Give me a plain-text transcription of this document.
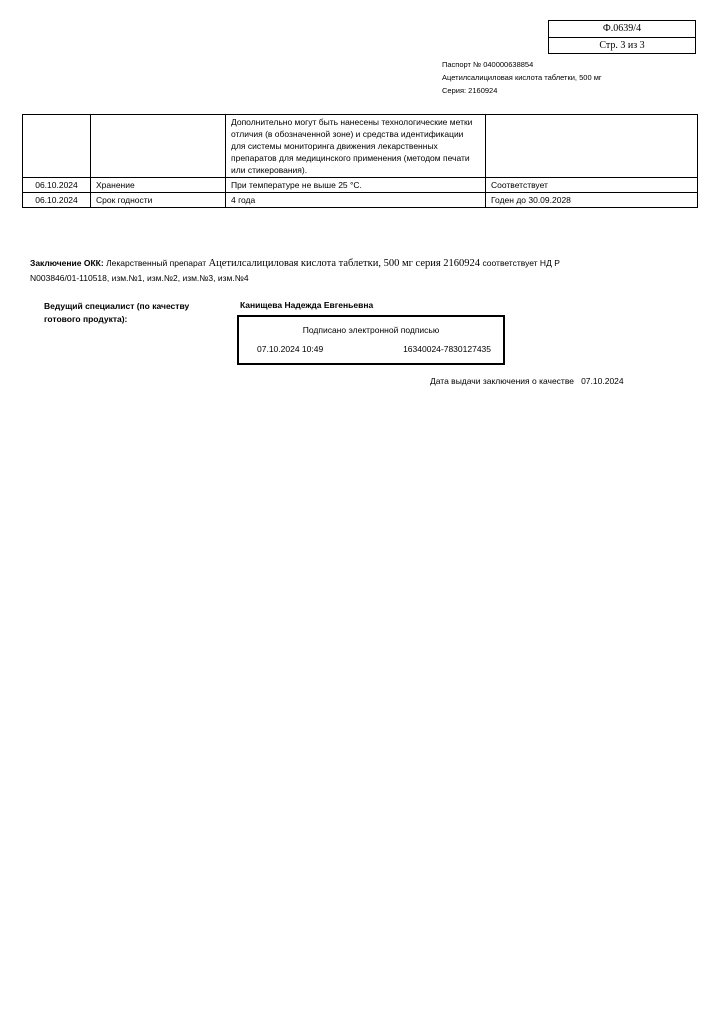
Ф.0639/4
Стр. 3 из 3
Паспорт № 040000638854
Ацетилсалициловая кислота таблетки, 500 мг
Серия: 2160924
		Дополнительно могут быть нанесены технологические метки отличия (в обозначенной зоне) и средства идентификации для системы мониторинга движения лекарственных препаратов для медицинского применения (методом печати или стикерования).	
06.10.2024	Хранение	При температуре не выше 25 °C.	Соответствует
06.10.2024	Срок годности	4 года	Годен до 30.09.2028
Заключение ОКК: Лекарственный препарат Ацетилсалициловая кислота таблетки, 500 мг серия 2160924 соответствует НД Р N003846/01-110518, изм.№1, изм.№2, изм.№3, изм.№4
Ведущий специалист (по качеству готового продукта):
Канищева Надежда Евгеньевна
Подписано электронной подписью
07.10.2024 10:49	16340024-7830127435
Дата выдачи заключения о качестве 07.10.2024
